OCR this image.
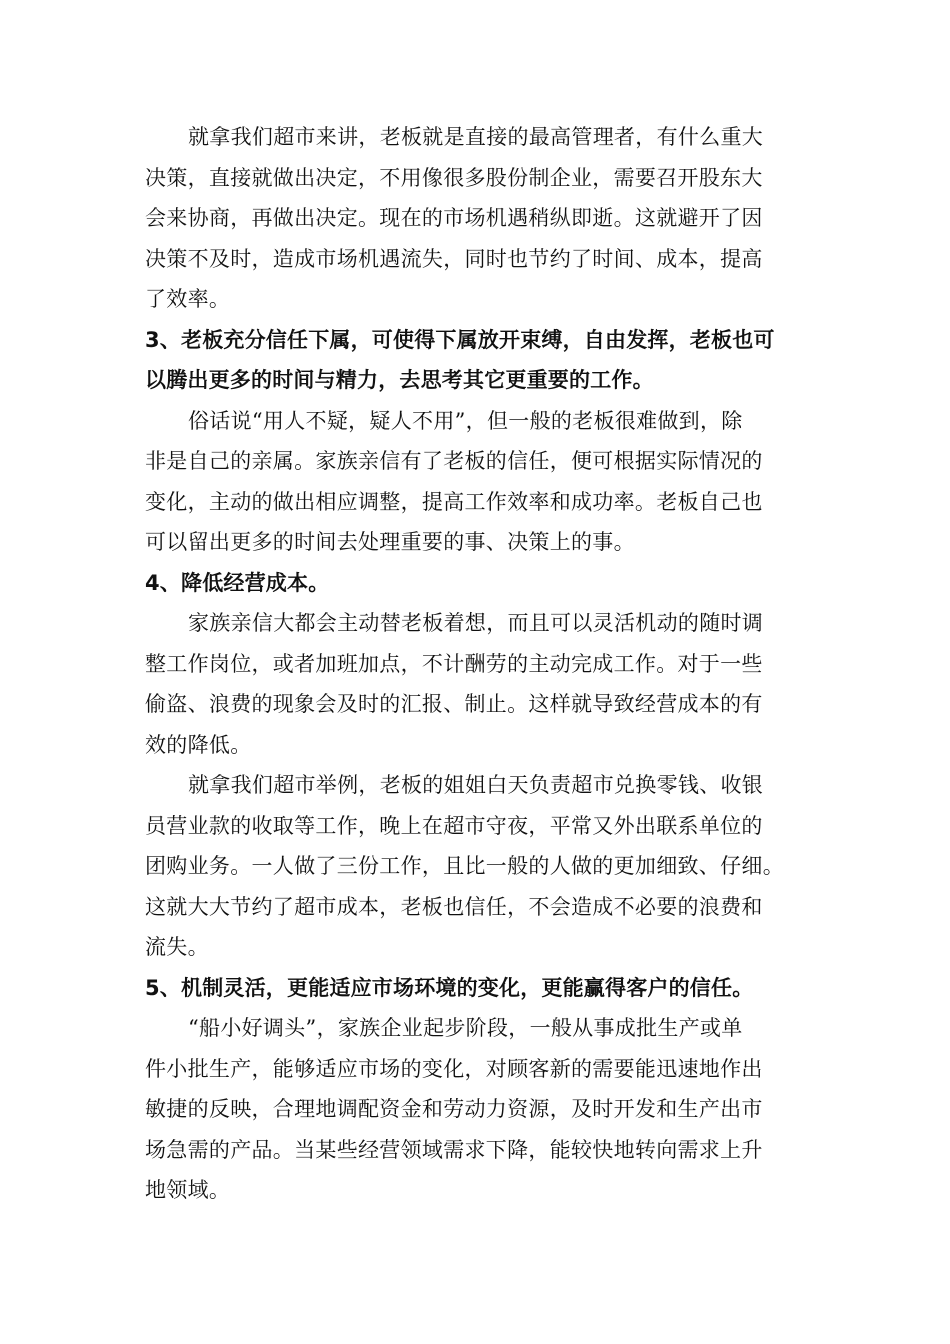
就拿我们超市来讲，老板就是直接的最高管理者，有什么重大
决策，直接就做出决定，不用像很多股份制企业，需要召开股东大
会来协商，再做出决定。现在的市场机遇稍纵即逝。这就避开了因
决策不及时，造成市场机遇流失，同时也节约了时间、成本，提高
了效率。
3、老板充分信任下属，可使得下属放开束缚，自由发挥，老板也可
以腾出更多的时间与精力，去思考其它更重要的工作。
俗话说“用人不疑，疑人不用”，但一般的老板很难做到，除
非是自己的亲属。家族亲信有了老板的信任，便可根据实际情况的
变化，主动的做出相应调整，提高工作效率和成功率。老板自己也
可以留出更多的时间去处理重要的事、决策上的事。
4、降低经营成本。
家族亲信大都会主动替老板着想，而且可以灵活机动的随时调
整工作岗位，或者加班加点，不计酬劳的主动完成工作。对于一些
偷盗、浪费的现象会及时的汇报、制止。这样就导致经营成本的有
效的降低。
就拿我们超市举例，老板的姐姐白天负责超市兑换零钱、收银
员营业款的收取等工作，晚上在超市守夜，平常又外出联系单位的
团购业务。一人做了三份工作，且比一般的人做的更加细致、仔细。
这就大大节约了超市成本，老板也信任，不会造成不必要的浪费和
流失。
5、机制灵活，更能适应市场环境的变化，更能赢得客户的信任。
“船小好调头”，家族企业起步阶段，一般从事成批生产或单
件小批生产，能够适应市场的变化，对顾客新的需要能迅速地作出
敏捷的反映，合理地调配资金和劳动力资源，及时开发和生产出市
场急需的产品。当某些经营领域需求下降，能较快地转向需求上升
地领域。
